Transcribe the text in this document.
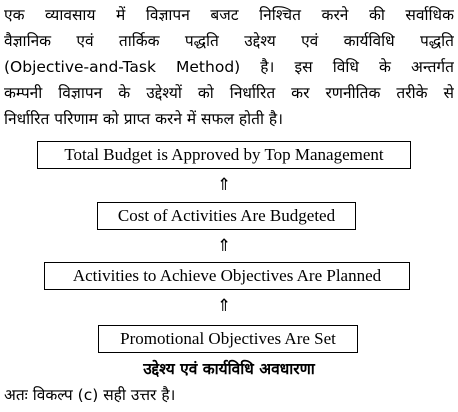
एक व्यावसाय में विज्ञापन बजट निश्चित करने की सर्वाधिक
वैज्ञानिक एवं तार्किक पद्धति उद्देश्य एवं कार्यविधि पद्धति
(Objective-and-Task Method) है। इस विधि के अन्तर्गत
कम्पनी विज्ञापन के उद्देश्यों को निर्धारित कर रणनीतिक तरीके से
निर्धारित परिणाम को प्राप्त करने में सफल होती है।
Total Budget is Approved by Top Management
⇑
Cost of Activities Are Budgeted
⇑
Activities to Achieve Objectives Are Planned
⇑
Promotional Objectives Are Set
उद्देश्य एवं कार्यविधि अवधारणा
अतः विकल्प (c) सही उत्तर है।
